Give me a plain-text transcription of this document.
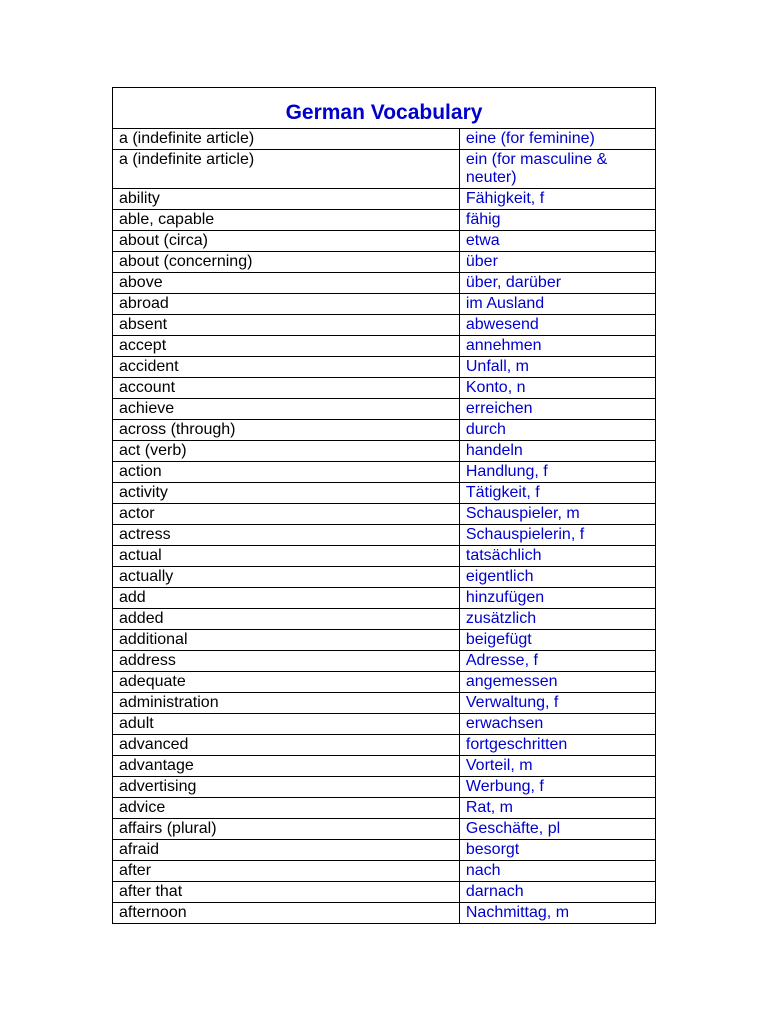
German Vocabulary	
a (indefinite article)	eine (for feminine)
a (indefinite article)	ein (for masculine & neuter)
ability	Fähigkeit, f
able, capable	fähig
about (circa)	etwa
about (concerning)	über
above	über, darüber
abroad	im Ausland
absent	abwesend
accept	annehmen
accident	Unfall, m
account	Konto, n
achieve	erreichen
across (through)	durch
act (verb)	handeln
action	Handlung, f
activity	Tätigkeit, f
actor	Schauspieler, m
actress	Schauspielerin, f
actual	tatsächlich
actually	eigentlich
add	hinzufügen
added	zusätzlich
additional	beigefügt
address	Adresse, f
adequate	angemessen
administration	Verwaltung, f
adult	erwachsen
advanced	fortgeschritten
advantage	Vorteil, m
advertising	Werbung, f
advice	Rat, m
affairs (plural)	Geschäfte, pl
afraid	besorgt
after	nach
after that	darnach
afternoon	Nachmittag, m
